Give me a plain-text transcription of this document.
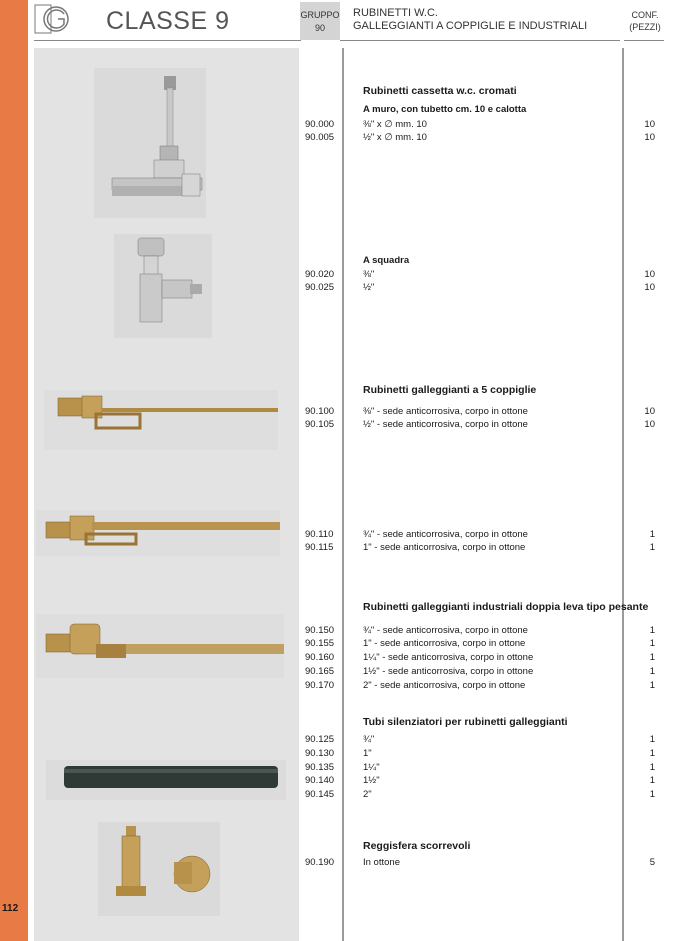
112
CLASSE 9	GRUPPO
90
RUBINETTI W.C.
GALLEGGIANTI A COPPIGLIE E INDUSTRIALI
CONF.
(PEZZI)
Rubinetti cassetta w.c. cromati
A muro, con tubetto cm. 10 e calotta
A squadra
Rubinetti galleggianti a 5 coppiglie
Rubinetti galleggianti industriali doppia leva tipo pesante
Tubi silenziatori per rubinetti galleggianti
Reggisfera scorrevoli
90.000	⅜" x ∅ mm. 10	10
90.005	½" x ∅ mm. 10	10
90.020	⅜"	10
90.025	½"	10
90.100	⅜" - sede anticorrosiva, corpo in ottone	10
90.105	½" - sede anticorrosiva, corpo in ottone	10
90.110	¾" - sede anticorrosiva, corpo in ottone	1
90.115	1" - sede anticorrosiva, corpo in ottone	1
90.150	¾" - sede anticorrosiva, corpo in ottone	1
90.155	1" - sede anticorrosiva, corpo in ottone	1
90.160	1¼" - sede anticorrosiva, corpo in ottone	1
90.165	1½" - sede anticorrosiva, corpo in ottone	1
90.170	2" - sede anticorrosiva, corpo in ottone	1
90.125	¾"	1
90.130	1"	1
90.135	1¼"	1
90.140	1½"	1
90.145	2"	1
90.190	In ottone	5
